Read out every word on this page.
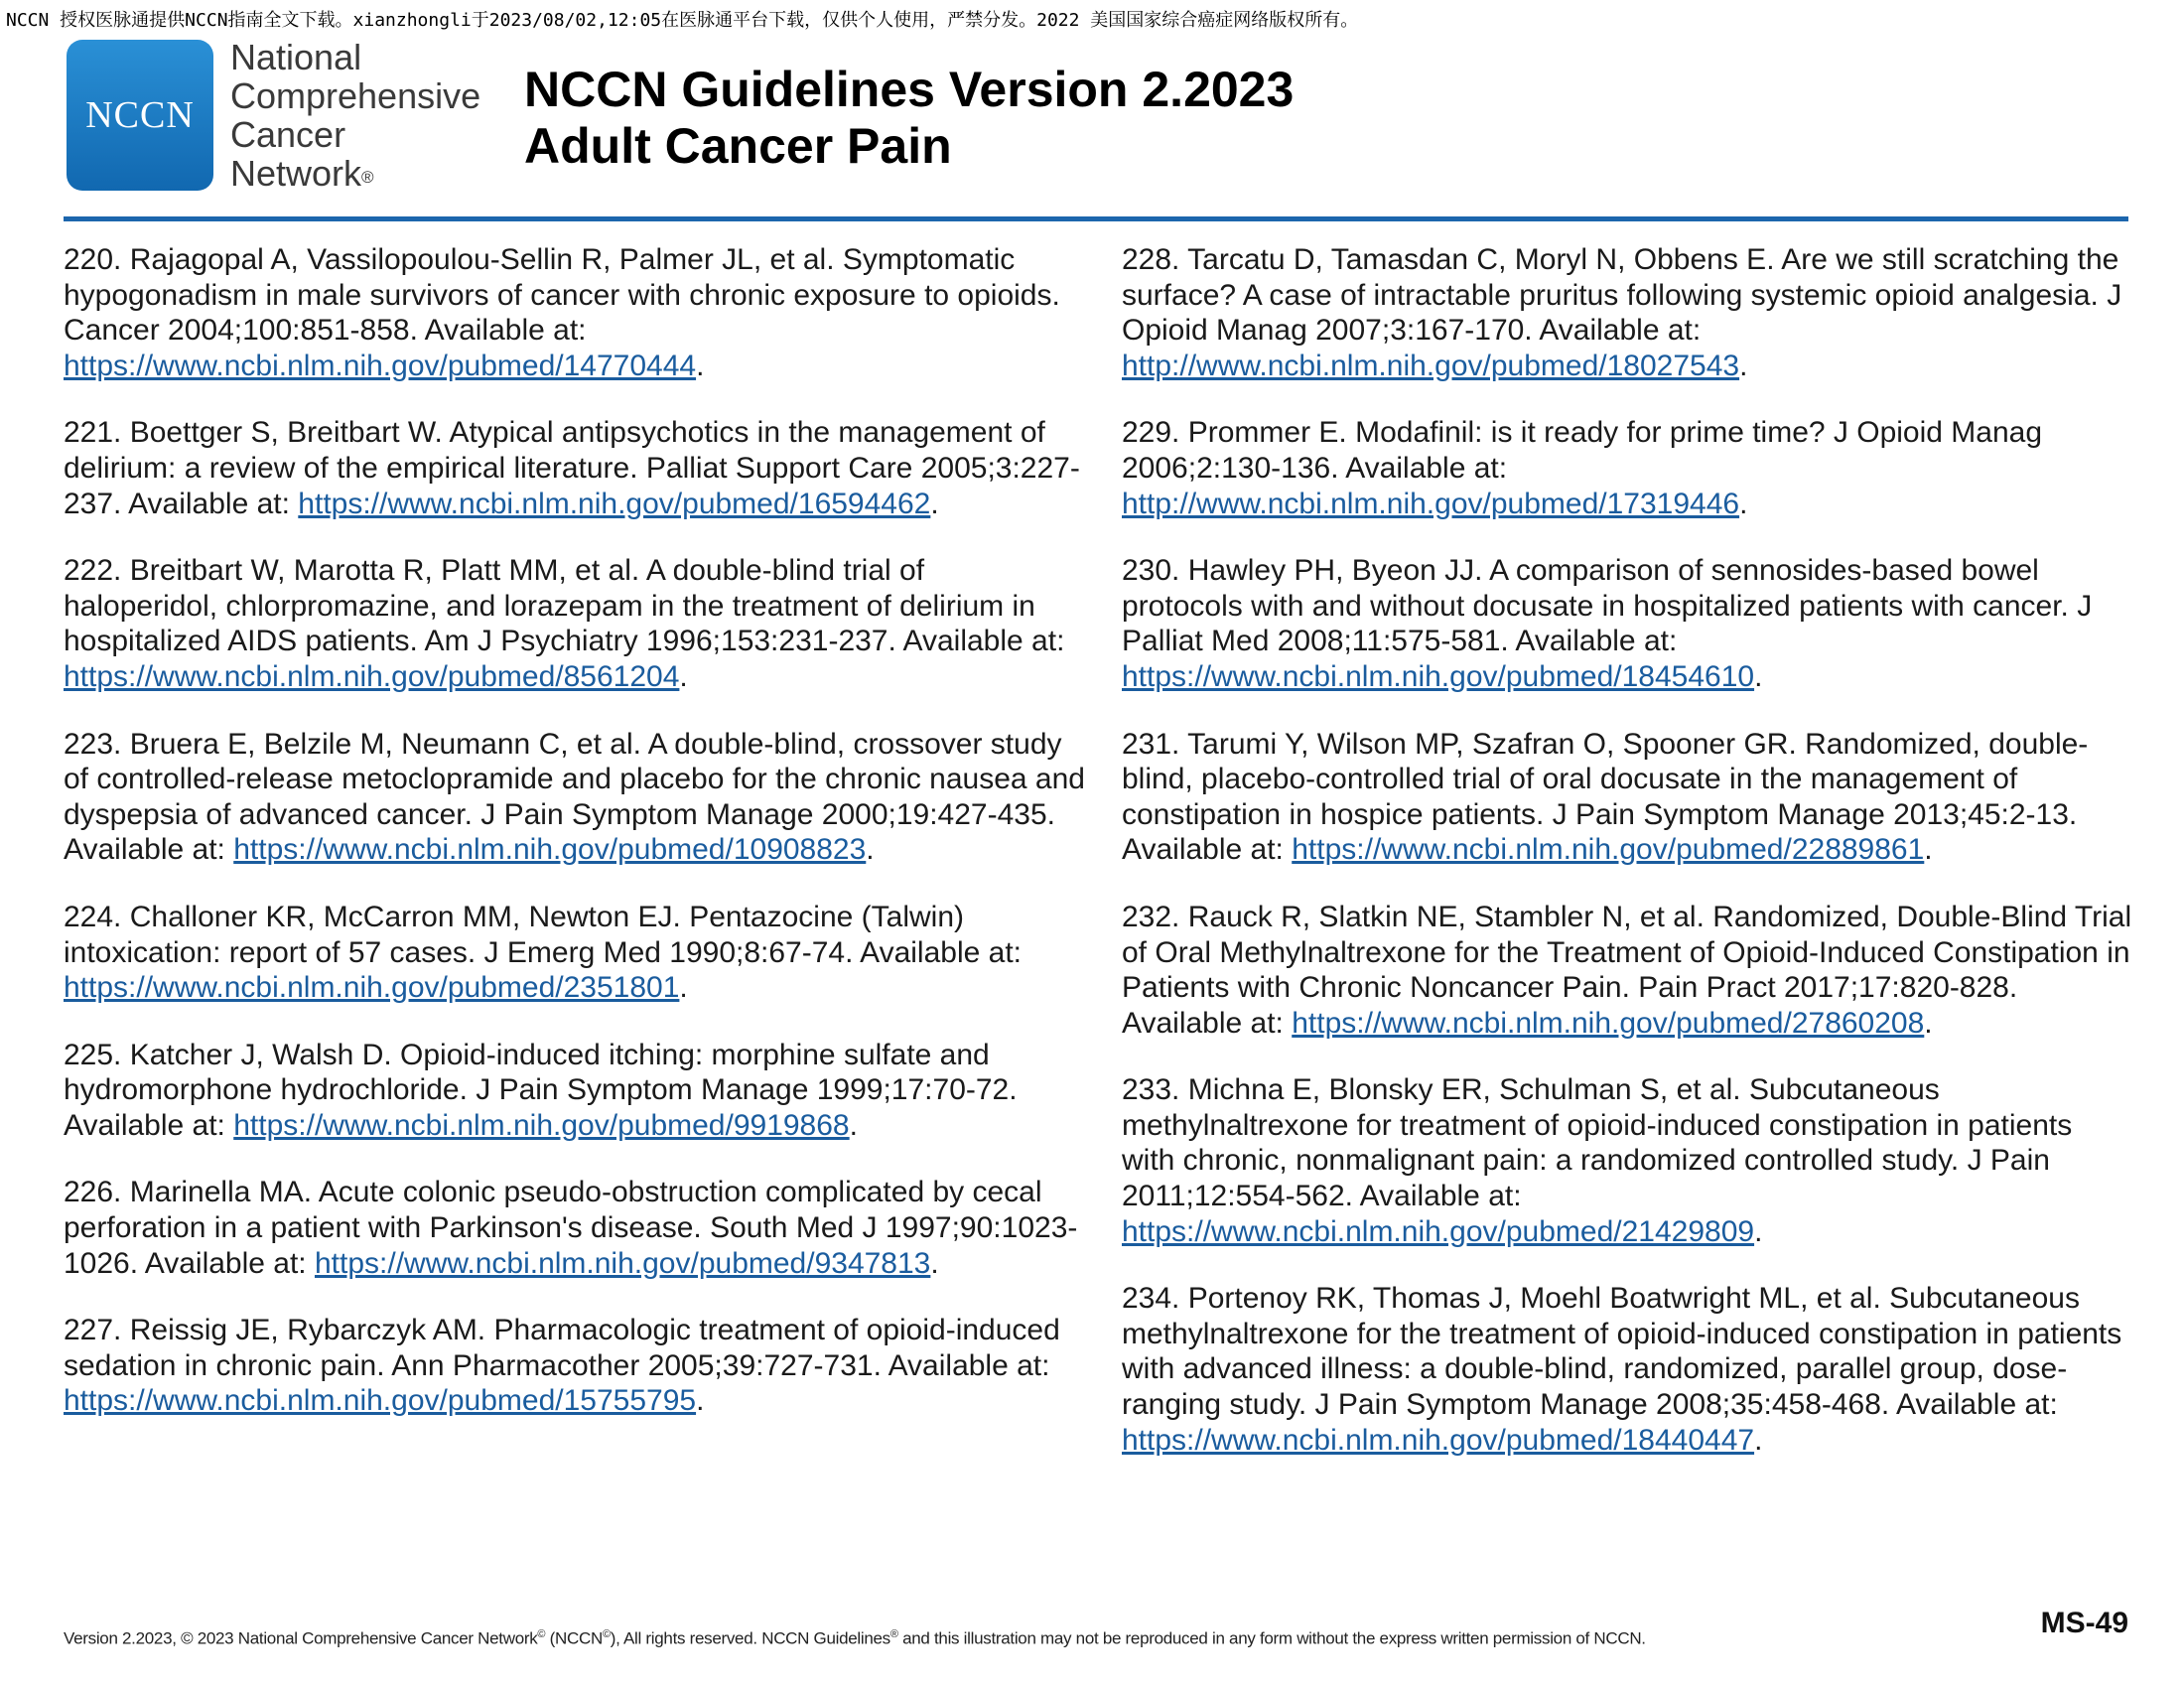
NCCN 授权医脉通提供NCCN指南全文下载。xianzhongli于2023/08/02,12:05在医脉通平台下载，仅供个人使用，严禁分发。2022 美国国家综合癌症网络版权所有。
NCCN
National
Comprehensive
Cancer
Network®
NCCN Guidelines Version 2.2023
Adult Cancer Pain

220. Rajagopal A, Vassilopoulou-Sellin R, Palmer JL, et al. Symptomatic hypogonadism in male survivors of cancer with chronic exposure to opioids. Cancer 2004;100:851-858. Available at: https://www.ncbi.nlm.nih.gov/pubmed/14770444.

221. Boettger S, Breitbart W. Atypical antipsychotics in the management of delirium: a review of the empirical literature. Palliat Support Care 2005;3:227-237. Available at: https://www.ncbi.nlm.nih.gov/pubmed/16594462.

222. Breitbart W, Marotta R, Platt MM, et al. A double-blind trial of haloperidol, chlorpromazine, and lorazepam in the treatment of delirium in hospitalized AIDS patients. Am J Psychiatry 1996;153:231-237. Available at: https://www.ncbi.nlm.nih.gov/pubmed/8561204.

223. Bruera E, Belzile M, Neumann C, et al. A double-blind, crossover study of controlled-release metoclopramide and placebo for the chronic nausea and dyspepsia of advanced cancer. J Pain Symptom Manage 2000;19:427-435. Available at: https://www.ncbi.nlm.nih.gov/pubmed/10908823.

224. Challoner KR, McCarron MM, Newton EJ. Pentazocine (Talwin) intoxication: report of 57 cases. J Emerg Med 1990;8:67-74. Available at: https://www.ncbi.nlm.nih.gov/pubmed/2351801.

225. Katcher J, Walsh D. Opioid-induced itching: morphine sulfate and hydromorphone hydrochloride. J Pain Symptom Manage 1999;17:70-72. Available at: https://www.ncbi.nlm.nih.gov/pubmed/9919868.

226. Marinella MA. Acute colonic pseudo-obstruction complicated by cecal perforation in a patient with Parkinson's disease. South Med J 1997;90:1023-1026. Available at: https://www.ncbi.nlm.nih.gov/pubmed/9347813.

227. Reissig JE, Rybarczyk AM. Pharmacologic treatment of opioid-induced sedation in chronic pain. Ann Pharmacother 2005;39:727-731. Available at: https://www.ncbi.nlm.nih.gov/pubmed/15755795.

228. Tarcatu D, Tamasdan C, Moryl N, Obbens E. Are we still scratching the surface? A case of intractable pruritus following systemic opioid analgesia. J Opioid Manag 2007;3:167-170. Available at: http://www.ncbi.nlm.nih.gov/pubmed/18027543.

229. Prommer E. Modafinil: is it ready for prime time? J Opioid Manag 2006;2:130-136. Available at: http://www.ncbi.nlm.nih.gov/pubmed/17319446.

230. Hawley PH, Byeon JJ. A comparison of sennosides-based bowel protocols with and without docusate in hospitalized patients with cancer. J Palliat Med 2008;11:575-581. Available at: https://www.ncbi.nlm.nih.gov/pubmed/18454610.

231. Tarumi Y, Wilson MP, Szafran O, Spooner GR. Randomized, double-blind, placebo-controlled trial of oral docusate in the management of constipation in hospice patients. J Pain Symptom Manage 2013;45:2-13. Available at: https://www.ncbi.nlm.nih.gov/pubmed/22889861.

232. Rauck R, Slatkin NE, Stambler N, et al. Randomized, Double-Blind Trial of Oral Methylnaltrexone for the Treatment of Opioid-Induced Constipation in Patients with Chronic Noncancer Pain. Pain Pract 2017;17:820-828. Available at: https://www.ncbi.nlm.nih.gov/pubmed/27860208.

233. Michna E, Blonsky ER, Schulman S, et al. Subcutaneous methylnaltrexone for treatment of opioid-induced constipation in patients with chronic, nonmalignant pain: a randomized controlled study. J Pain 2011;12:554-562. Available at: https://www.ncbi.nlm.nih.gov/pubmed/21429809.

234. Portenoy RK, Thomas J, Moehl Boatwright ML, et al. Subcutaneous methylnaltrexone for the treatment of opioid-induced constipation in patients with advanced illness: a double-blind, randomized, parallel group, dose-ranging study. J Pain Symptom Manage 2008;35:458-468. Available at: https://www.ncbi.nlm.nih.gov/pubmed/18440447.

Version 2.2023, © 2023 National Comprehensive Cancer Network© (NCCN©), All rights reserved. NCCN Guidelines® and this illustration may not be reproduced in any form without the express written permission of NCCN.	MS-49
